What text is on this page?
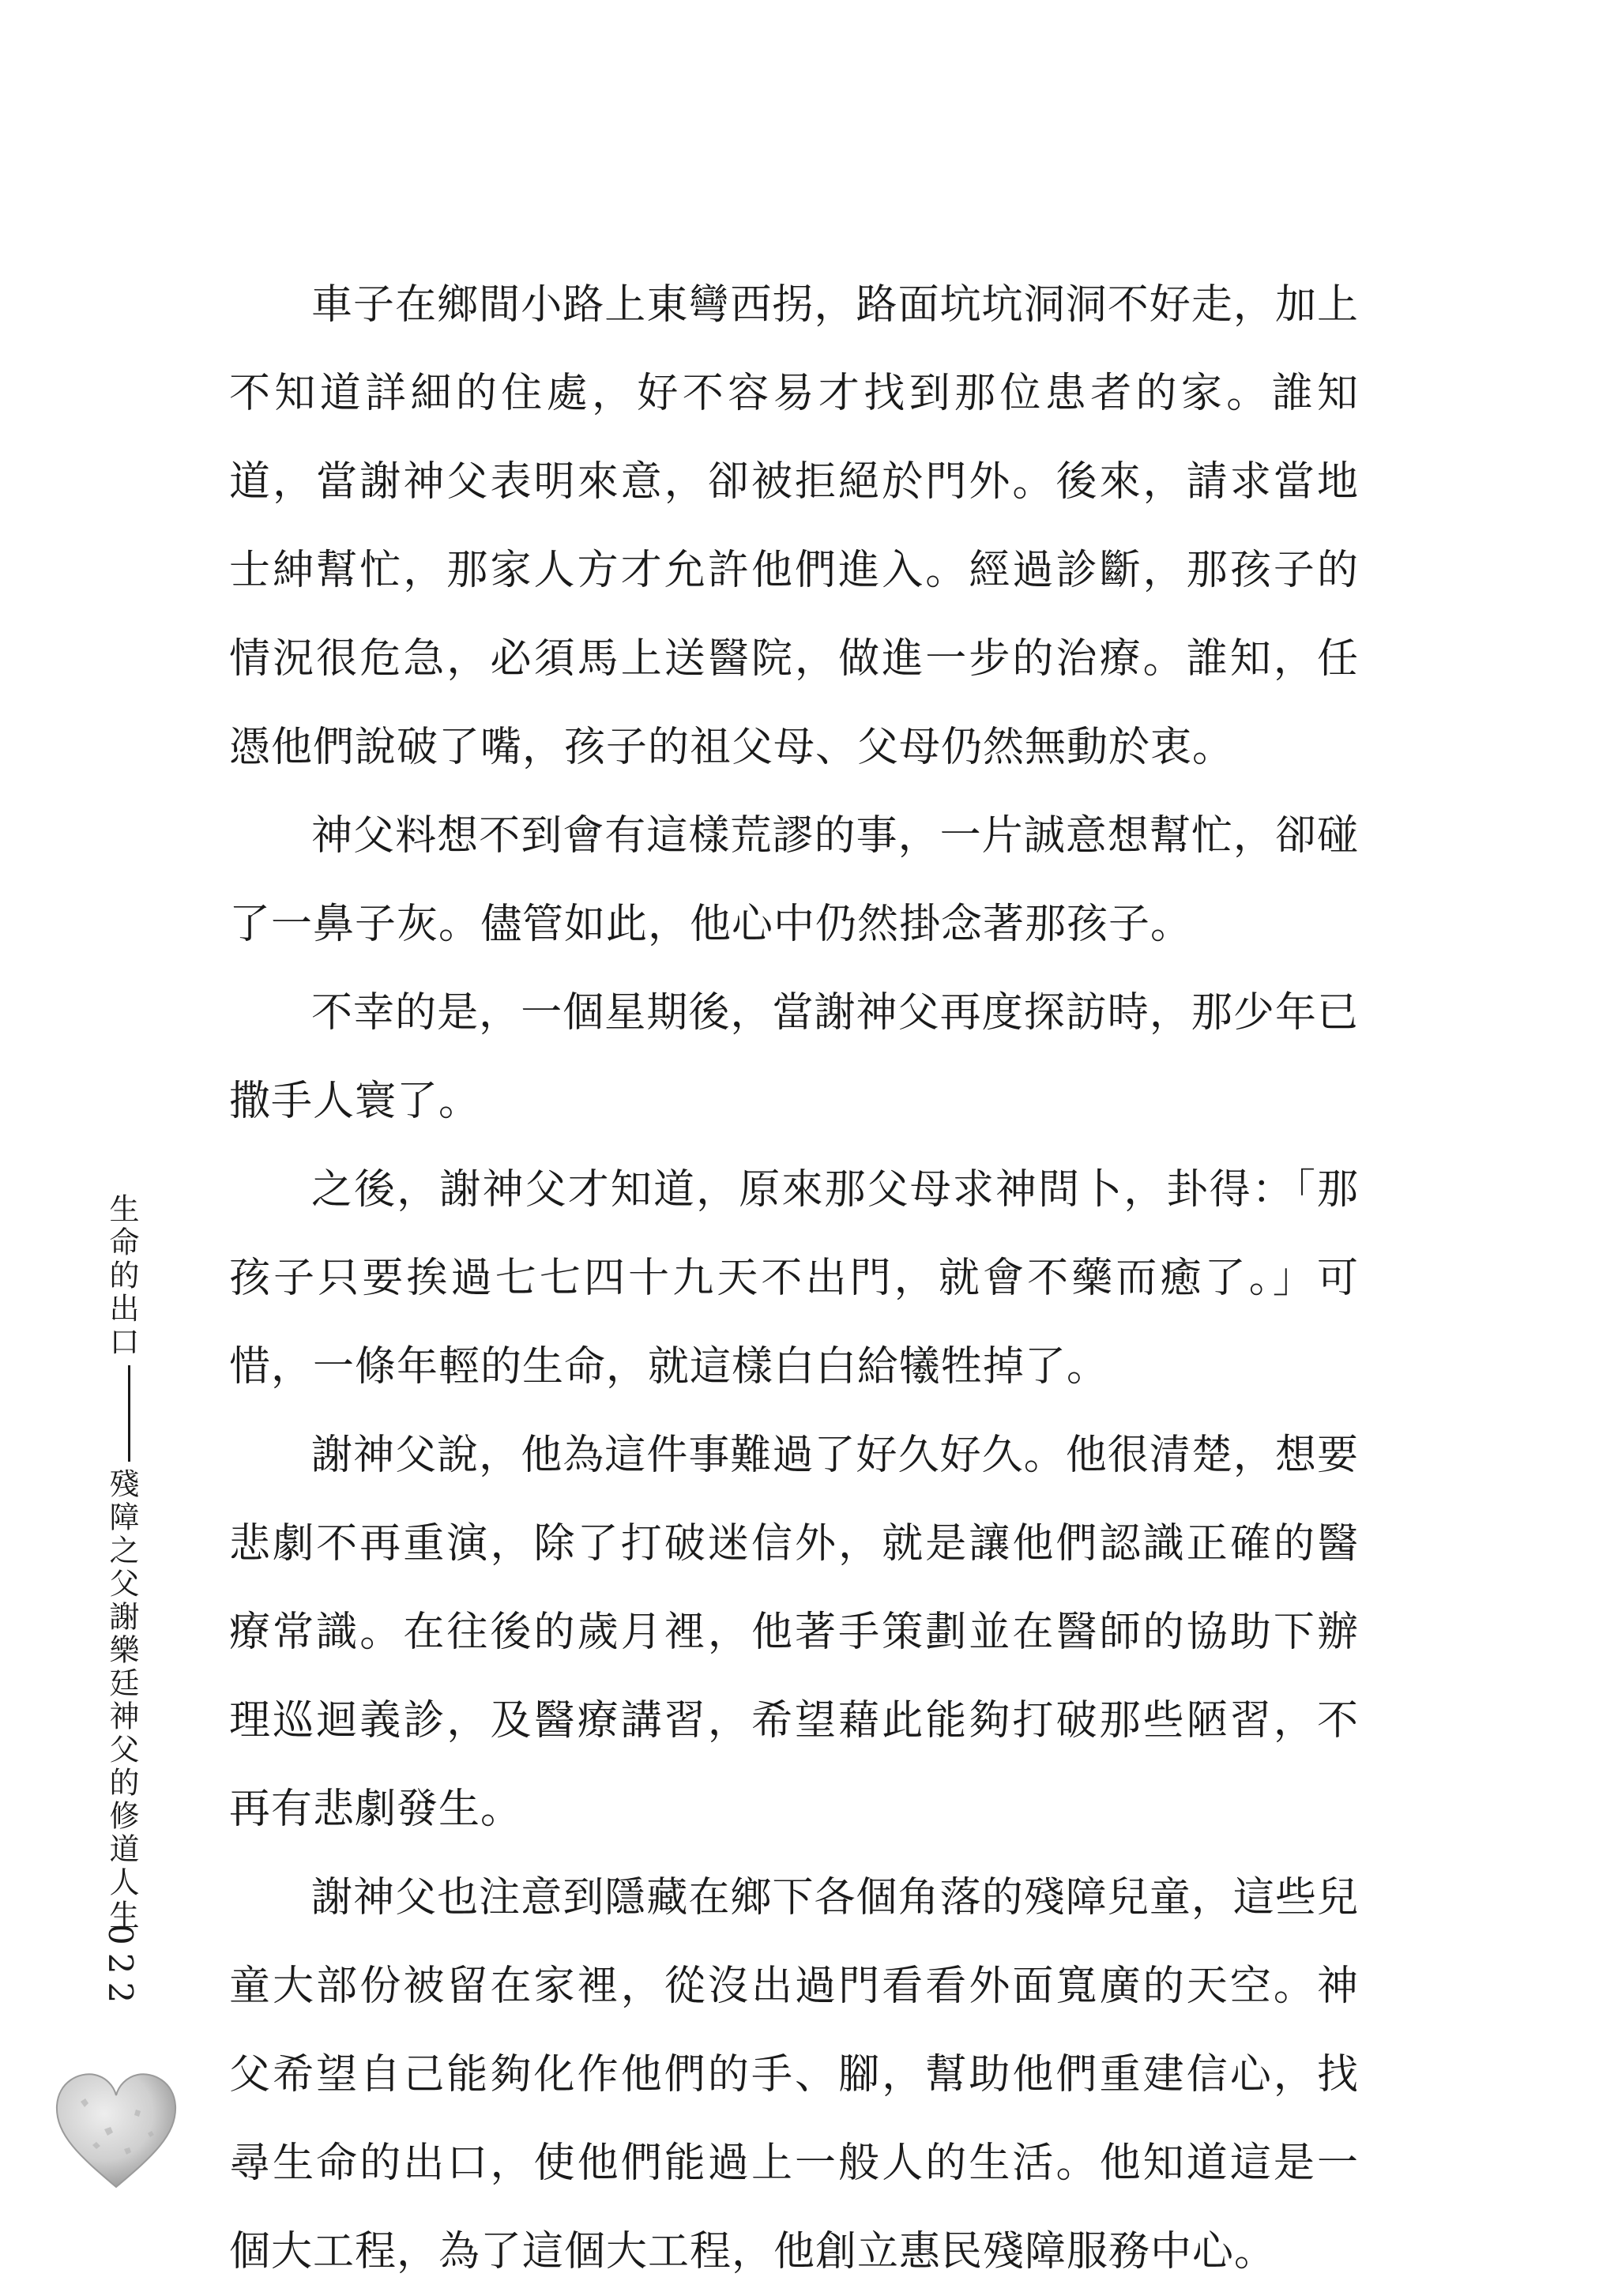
車子在鄉間小路上東彎西拐，路面坑坑洞洞不好走，加上不知道詳細的住處，好不容易才找到那位患者的家。誰知道，當謝神父表明來意，卻被拒絕於門外。後來，請求當地士紳幫忙，那家人方才允許他們進入。經過診斷，那孩子的情況很危急，必須馬上送醫院，做進一步的治療。誰知，任憑他們說破了嘴，孩子的祖父母、父母仍然無動於衷。

神父料想不到會有這樣荒謬的事，一片誠意想幫忙，卻碰了一鼻子灰。儘管如此，他心中仍然掛念著那孩子。

不幸的是，一個星期後，當謝神父再度探訪時，那少年已撒手人寰了。

之後，謝神父才知道，原來那父母求神問卜，卦得：「那孩子只要挨過七七四十九天不出門，就會不藥而癒了。」可惜，一條年輕的生命，就這樣白白給犧牲掉了。

謝神父說，他為這件事難過了好久好久。他很清楚，想要悲劇不再重演，除了打破迷信外，就是讓他們認識正確的醫療常識。在往後的歲月裡，他著手策劃並在醫師的協助下辦理巡迴義診，及醫療講習，希望藉此能夠打破那些陋習，不再有悲劇發生。

謝神父也注意到隱藏在鄉下各個角落的殘障兒童，這些兒童大部份被留在家裡，從沒出過門看看外面寬廣的天空。神父希望自己能夠化作他們的手、腳，幫助他們重建信心，找尋生命的出口，使他們能過上一般人的生活。他知道這是一個大工程，為了這個大工程，他創立惠民殘障服務中心。

生命的出口殘障之父謝樂廷神父的修道人生
022
